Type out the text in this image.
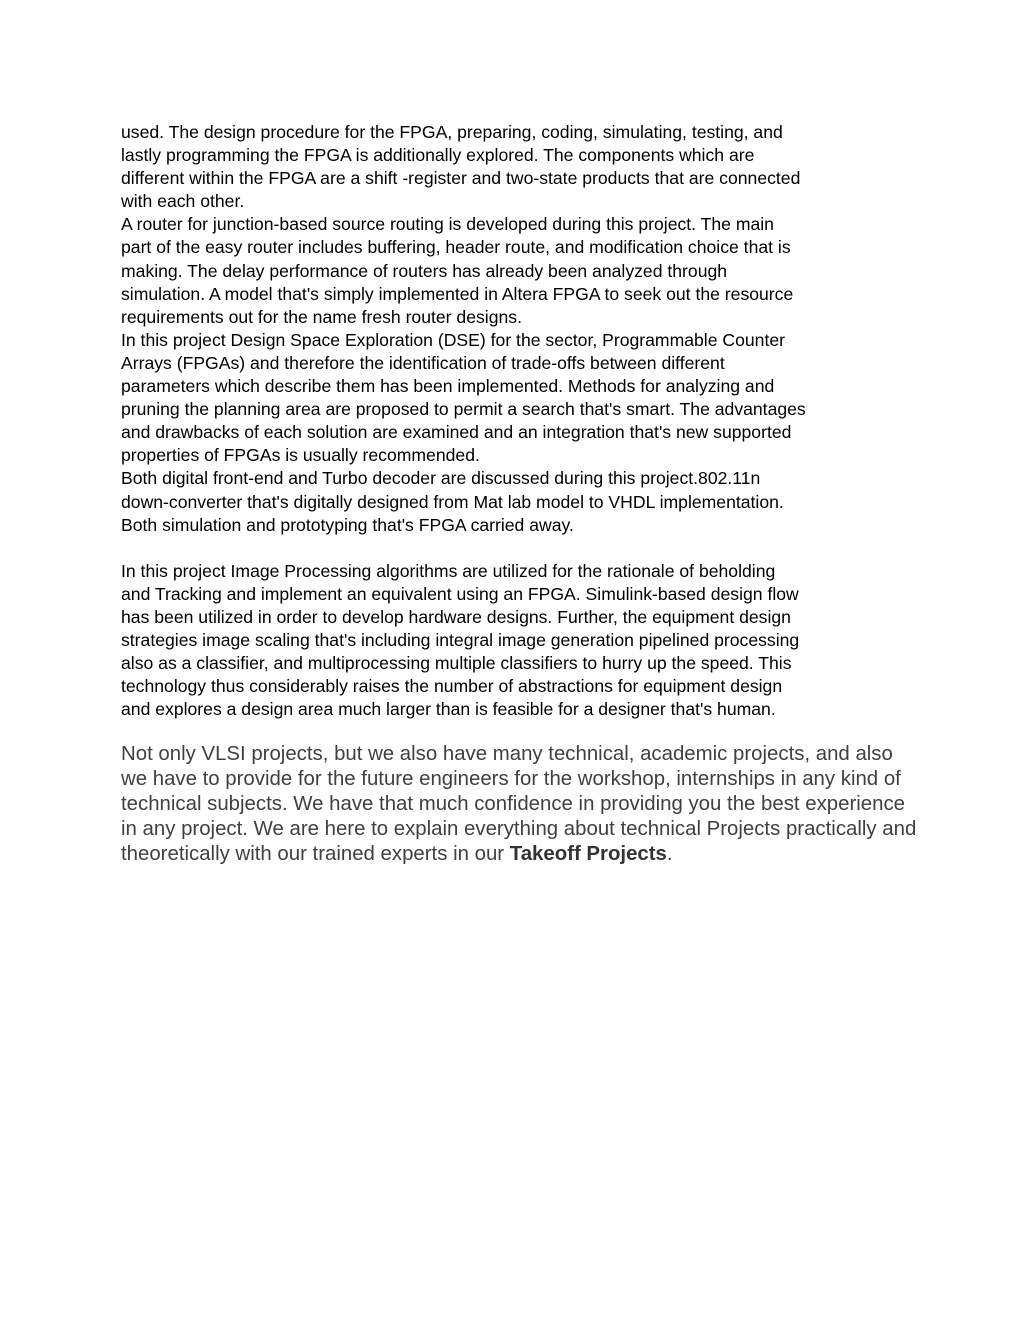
used. The design procedure for the FPGA, preparing, coding, simulating, testing, and
lastly programming the FPGA is additionally explored. The components which are
different within the FPGA are a shift -register and two-state products that are connected
with each other.

A router for junction-based source routing is developed during this project. The main
part of the easy router includes buffering, header route, and modification choice that is
making. The delay performance of routers has already been analyzed through
simulation. A model that's simply implemented in Altera FPGA to seek out the resource
requirements out for the name fresh router designs.

In this project Design Space Exploration (DSE) for the sector, Programmable Counter
Arrays (FPGAs) and therefore the identification of trade-offs between different
parameters which describe them has been implemented. Methods for analyzing and
pruning the planning area are proposed to permit a search that's smart. The advantages
and drawbacks of each solution are examined and an integration that's new supported
properties of FPGAs is usually recommended.

Both digital front-end and Turbo decoder are discussed during this project.802.11n
down-converter that's digitally designed from Mat lab model to VHDL implementation.
Both simulation and prototyping that's FPGA carried away.

In this project Image Processing algorithms are utilized for the rationale of beholding
and Tracking and implement an equivalent using an FPGA. Simulink-based design flow
has been utilized in order to develop hardware designs. Further, the equipment design
strategies image scaling that's including integral image generation pipelined processing
also as a classifier, and multiprocessing multiple classifiers to hurry up the speed. This
technology thus considerably raises the number of abstractions for equipment design
and explores a design area much larger than is feasible for a designer that's human.

Not only VLSI projects, but we also have many technical, academic projects, and also we have to provide for the future engineers for the workshop, internships in any kind of technical subjects. We have that much confidence in providing you the best experience in any project. We are here to explain everything about technical Projects practically and theoretically with our trained experts in our Takeoff Projects.
